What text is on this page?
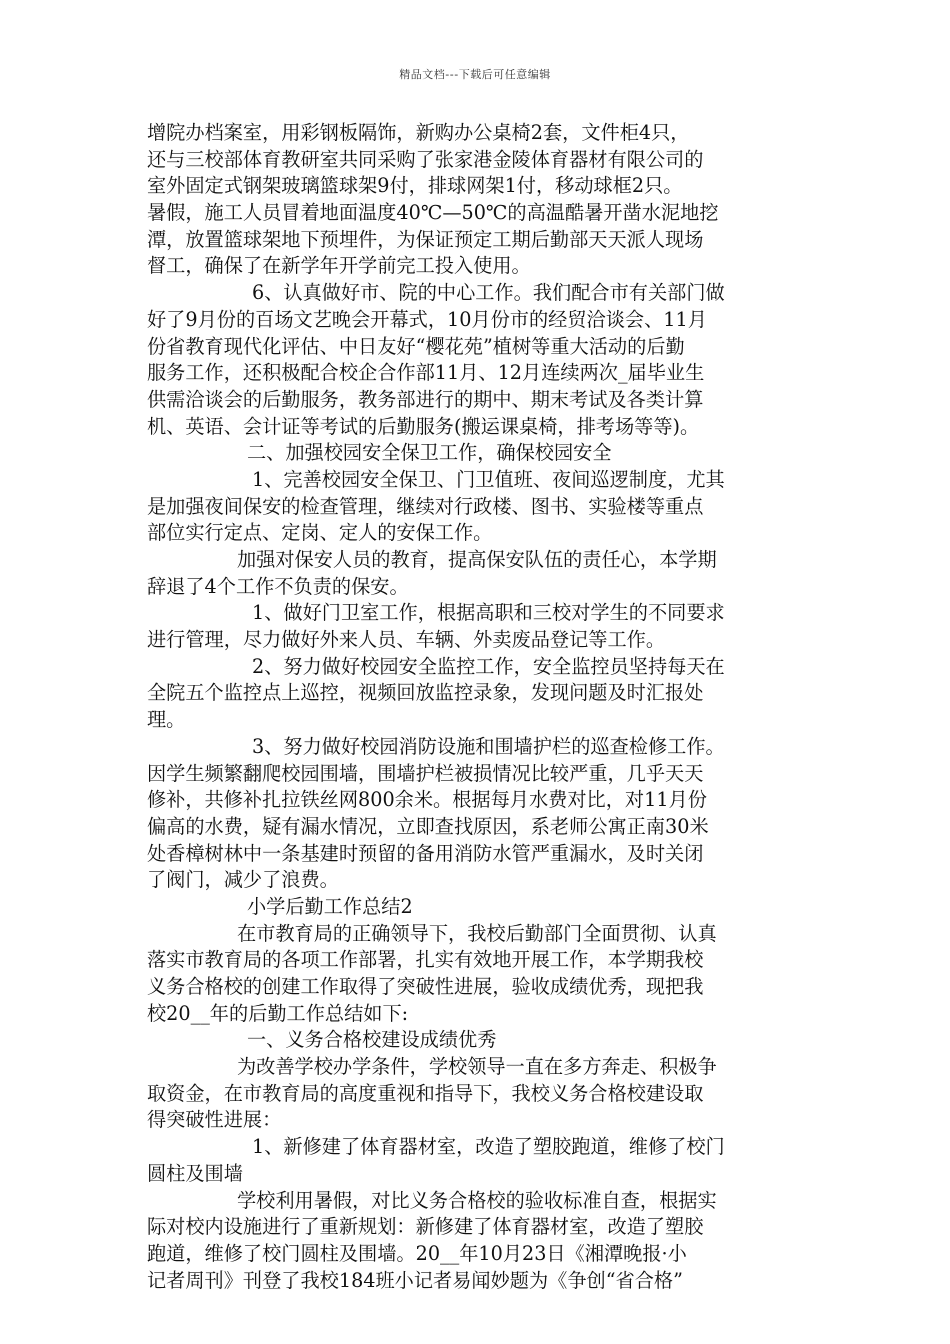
精品文档---下载后可任意编辑
增院办档案室，用彩钢板隔饰，新购办公桌椅2套，文件柜4只，
还与三校部体育教研室共同采购了张家港金陵体育器材有限公司的
室外固定式钢架玻璃篮球架9付，排球网架1付，移动球框2只。
暑假，施工人员冒着地面温度40℃—50℃的高温酷暑开凿水泥地挖
潭，放置篮球架地下预埋件，为保证预定工期后勤部天天派人现场
督工，确保了在新学年开学前完工投入使用。
6、认真做好市、院的中心工作。我们配合市有关部门做
好了9月份的百场文艺晚会开幕式，10月份市的经贸洽谈会、11月
份省教育现代化评估、中日友好“樱花苑”植树等重大活动的后勤
服务工作，还积极配合校企合作部11月、12月连续两次_届毕业生
供需洽谈会的后勤服务，教务部进行的期中、期末考试及各类计算
机、英语、会计证等考试的后勤服务(搬运课桌椅，排考场等等)。
二、加强校园安全保卫工作，确保校园安全
1、完善校园安全保卫、门卫值班、夜间巡逻制度，尤其
是加强夜间保安的检查管理，继续对行政楼、图书、实验楼等重点
部位实行定点、定岗、定人的安保工作。
加强对保安人员的教育，提高保安队伍的责任心，本学期
辞退了4个工作不负责的保安。
1、做好门卫室工作，根据高职和三校对学生的不同要求
进行管理，尽力做好外来人员、车辆、外卖废品登记等工作。
2、努力做好校园安全监控工作，安全监控员坚持每天在
全院五个监控点上巡控，视频回放监控录象，发现问题及时汇报处
理。
3、努力做好校园消防设施和围墙护栏的巡查检修工作。
因学生频繁翻爬校园围墙，围墙护栏被损情况比较严重，几乎天天
修补，共修补扎拉铁丝网800余米。根据每月水费对比，对11月份
偏高的水费，疑有漏水情况，立即查找原因，系老师公寓正南30米
处香樟树林中一条基建时预留的备用消防水管严重漏水，及时关闭
了阀门，减少了浪费。
小学后勤工作总结2
在市教育局的正确领导下，我校后勤部门全面贯彻、认真
落实市教育局的各项工作部署，扎实有效地开展工作，本学期我校
义务合格校的创建工作取得了突破性进展，验收成绩优秀，现把我
校20__年的后勤工作总结如下:
一、义务合格校建设成绩优秀
为改善学校办学条件，学校领导一直在多方奔走、积极争
取资金，在市教育局的高度重视和指导下，我校义务合格校建设取
得突破性进展：
1、新修建了体育器材室，改造了塑胶跑道，维修了校门
圆柱及围墙
学校利用暑假，对比义务合格校的验收标准自查，根据实
际对校内设施进行了重新规划：新修建了体育器材室，改造了塑胶
跑道，维修了校门圆柱及围墙。20__年10月23日《湘潭晚报·小
记者周刊》刊登了我校184班小记者易闻妙题为《争创“省合格”
